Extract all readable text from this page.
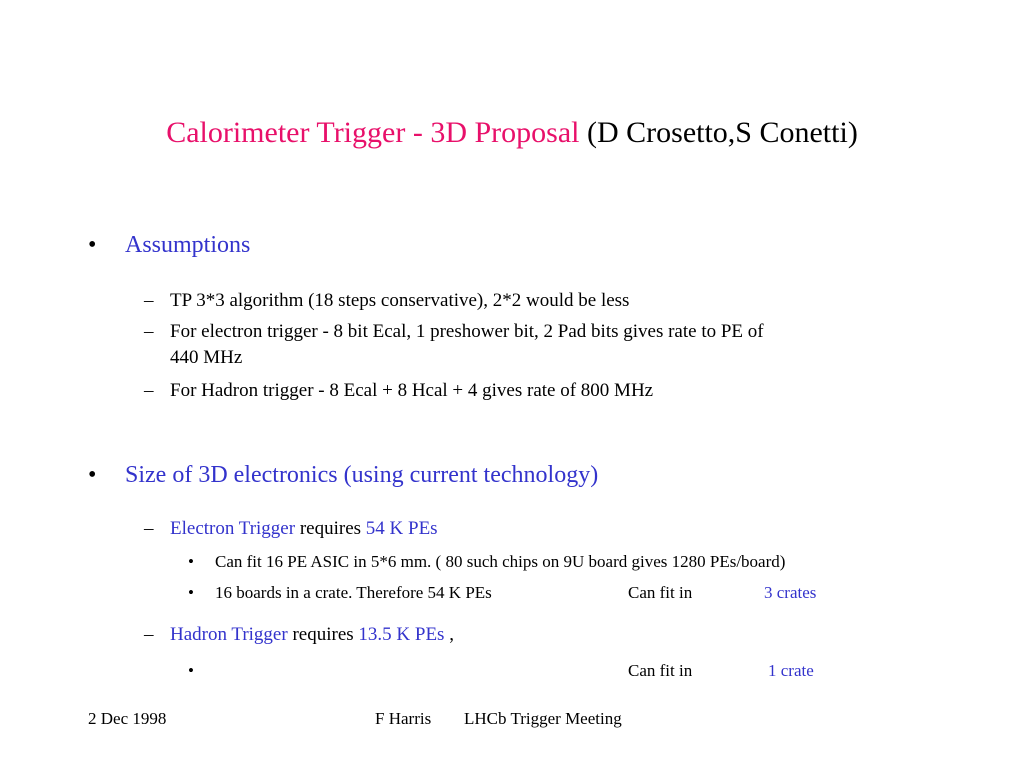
Calorimeter Trigger - 3D Proposal (D Crosetto,S Conetti)
• Assumptions
– TP 3*3 algorithm (18 steps conservative), 2*2 would be less
– For electron trigger - 8 bit Ecal, 1 preshower bit, 2 Pad bits gives rate to PE of
440 MHz
– For Hadron trigger - 8 Ecal + 8 Hcal + 4 gives rate of 800 MHz
• Size of 3D electronics (using current technology)
– Electron Trigger requires 54 K PEs
• Can fit 16 PE ASIC in 5*6 mm. ( 80 such chips on 9U board gives 1280 PEs/board)
• 16 boards in a crate. Therefore 54 K PEs	Can fit in	3 crates
– Hadron Trigger requires 13.5 K PEs ,
•	Can fit in	1 crate
2 Dec 1998	F Harris LHCb Trigger Meeting
